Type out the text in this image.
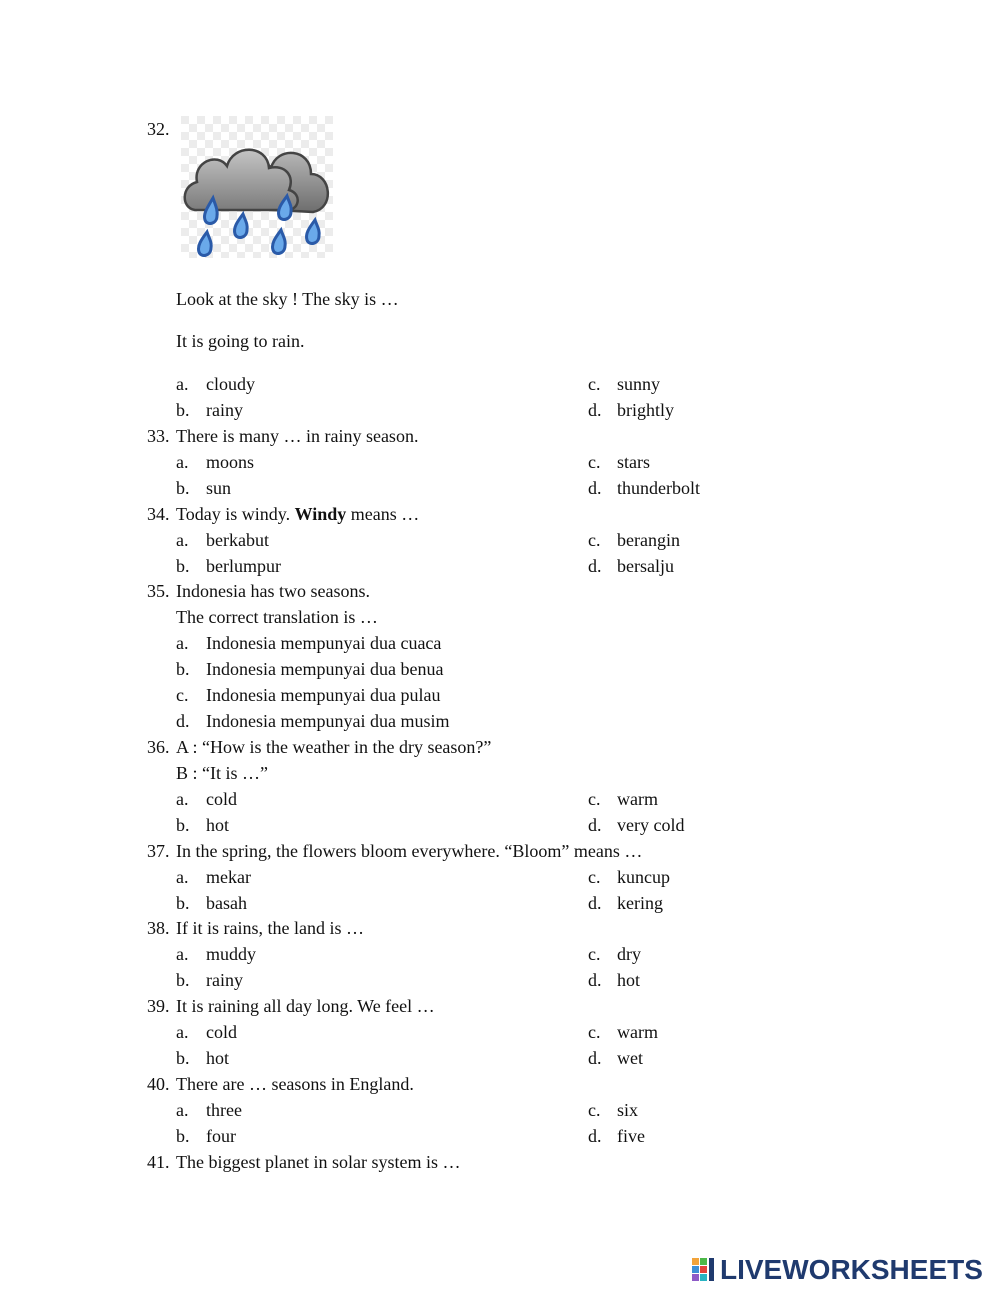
32.
Look at the sky ! The sky is …
It is going to rain.
a. cloudy	c. sunny
b. rainy	d. brightly
33. There is many … in rainy season.
a. moons	c. stars
b. sun	d. thunderbolt
34. Today is windy. Windy means …
a. berkabut	c. berangin
b. berlumpur	d. bersalju
35. Indonesia has two seasons.
The correct translation is …
a. Indonesia mempunyai dua cuaca
b. Indonesia mempunyai dua benua
c. Indonesia mempunyai dua pulau
d. Indonesia mempunyai dua musim
36. A : “How is the weather in the dry season?”
B : “It is …”
a. cold	c. warm
b. hot	d. very cold
37. In the spring, the flowers bloom everywhere. “Bloom” means …
a. mekar	c. kuncup
b. basah	d. kering
38. If it is rains, the land is …
a. muddy	c. dry
b. rainy	d. hot
39. It is raining all day long. We feel …
a. cold	c. warm
b. hot	d. wet
40. There are … seasons in England.
a. three	c. six
b. four	d. five
41. The biggest planet in solar system is …
LIVEWORKSHEETS
